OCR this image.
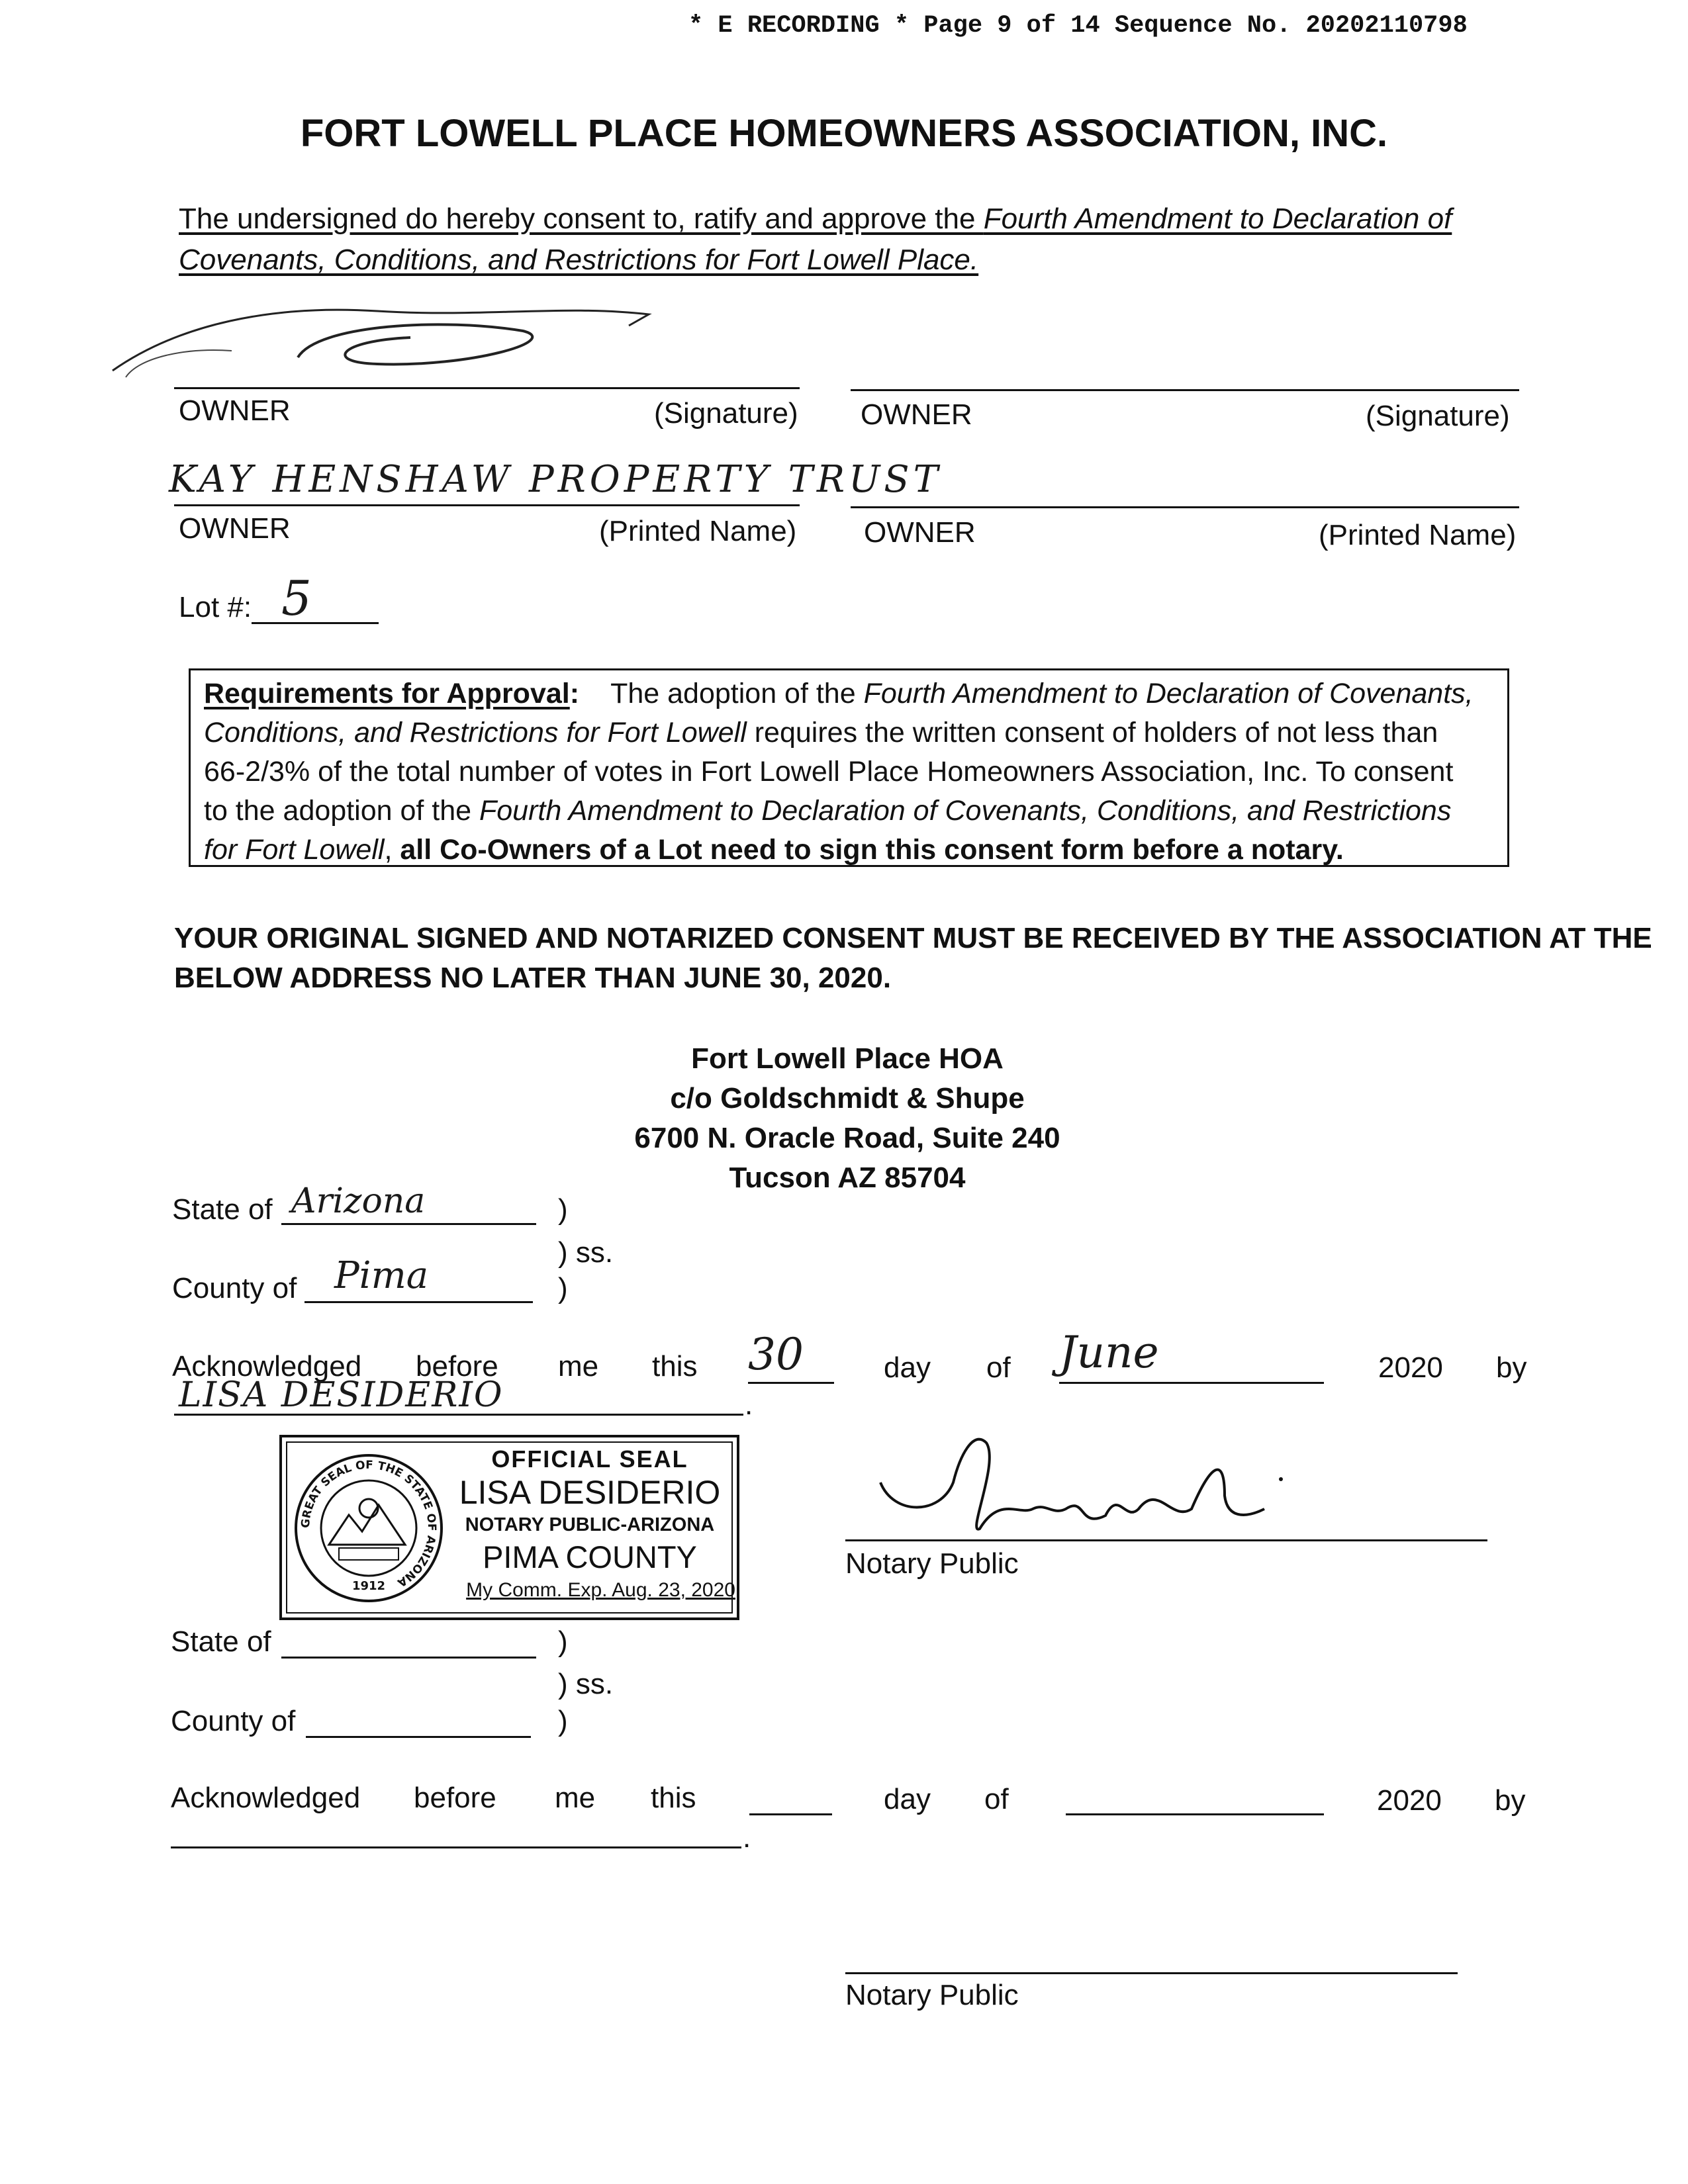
* E RECORDING * Page 9 of 14 Sequence No. 20202110798
FORT LOWELL PLACE HOMEOWNERS ASSOCIATION, INC.
The undersigned do hereby consent to, ratify and approve the Fourth Amendment to Declaration of
Covenants, Conditions, and Restrictions for Fort Lowell Place.
OWNER	(Signature) OWNER	(Signature)
KAY HENSHAW PROPERTY TRUST
OWNER	(Printed Name) OWNER	(Printed Name)
Lot #: 5
Requirements for Approval: The adoption of the Fourth Amendment to Declaration of Covenants,
Conditions, and Restrictions for Fort Lowell requires the written consent of holders of not less than
66-2/3% of the total number of votes in Fort Lowell Place Homeowners Association, Inc. To consent
to the adoption of the Fourth Amendment to Declaration of Covenants, Conditions, and Restrictions
for Fort Lowell, all Co-Owners of a Lot need to sign this consent form before a notary.
YOUR ORIGINAL SIGNED AND NOTARIZED CONSENT MUST BE RECEIVED BY THE ASSOCIATION AT THE
BELOW ADDRESS NO LATER THAN JUNE 30, 2020.
Fort Lowell Place HOA
c/o Goldschmidt & Shupe
6700 N. Oracle Road, Suite 240
Tucson AZ 85704
State of Arizona	)
) ss.
County of Pima	)
Acknowledged before me this 30	day of June	2020 by
LISA DESIDERIO	.
GREAT SEAL OF THE STATE OF ARIZONA
1912
OFFICIAL SEAL
LISA DESIDERIO
NOTARY PUBLIC-ARIZONA
PIMA COUNTY
My Comm. Exp. Aug. 23, 2020
Notary Public
State of	)
) ss.
County of	)
Acknowledged before me this	day of	2020 by
.
Notary Public
